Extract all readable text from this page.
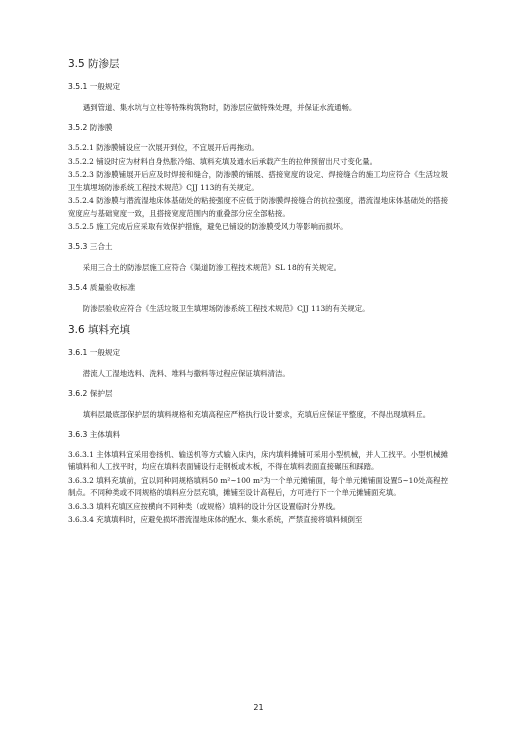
3.5 防渗层
3.5.1 一般规定

遇到管道、集水坑与立柱等特殊构筑物时，防渗层应做特殊处理，并保证水流通畅。

3.5.2 防渗膜
3.5.2.1 防渗膜铺设应一次展开到位，不宜展开后再拖动。
3.5.2.2 铺设时应为材料自身热胀冷缩、填料充填及通水后承载产生的拉伸预留出尺寸变化量。
3.5.2.3 防渗膜铺展开后应及时焊接和缝合，防渗膜的铺展、搭接宽度的设定、焊接缝合的施工均应符合《生活垃圾卫生填埋场防渗系统工程技术规范》CJJ 113的有关规定。
3.5.2.4 防渗膜与潜流湿地床体基础处的粘接强度不应低于防渗膜焊接缝合的抗拉强度，潜流湿地床体基础处的搭接宽度应与基础宽度一致，且搭接宽度范围内的重叠部分应全部粘接。
3.5.2.5 施工完成后应采取有效保护措施，避免已铺设的防渗膜受风力等影响而损坏。
3.5.3 三合土

采用三合土的防渗层施工应符合《渠道防渗工程技术规范》SL 18的有关规定。

3.5.4 质量验收标准

防渗层验收应符合《生活垃圾卫生填埋场防渗系统工程技术规范》CJJ 113的有关规定。

3.6 填料充填
3.6.1 一般规定

潜流人工湿地选料、洗料、堆料与撒料等过程应保证填料清洁。

3.6.2 保护层

填料层最底部保护层的填料规格和充填高程应严格执行设计要求，充填后应保证平整度，不得出现填料丘。

3.6.3 主体填料
3.6.3.1 主体填料宜采用卷扬机、输送机等方式输入床内，床内填料摊铺可采用小型机械，并人工找平。小型机械摊铺填料和人工找平时，均应在填料表面铺设行走钢板或木板，不得在填料表面直接碾压和踩踏。
3.6.3.2 填料充填前，宜以同种同规格填料50 m²~100 m²为一个单元摊铺面，每个单元摊铺面设置5~10处高程控制点。不同种类或不同规格的填料应分层充填，摊铺至设计高程后，方可进行下一个单元摊铺面充填。
3.6.3.3 填料充填区应按横向不同种类（或规格）填料的设计分区设置临时分界线。
3.6.3.4 充填填料时，应避免损坏潜流湿地床体的配水、集水系统，严禁直接将填料倾倒至
21
